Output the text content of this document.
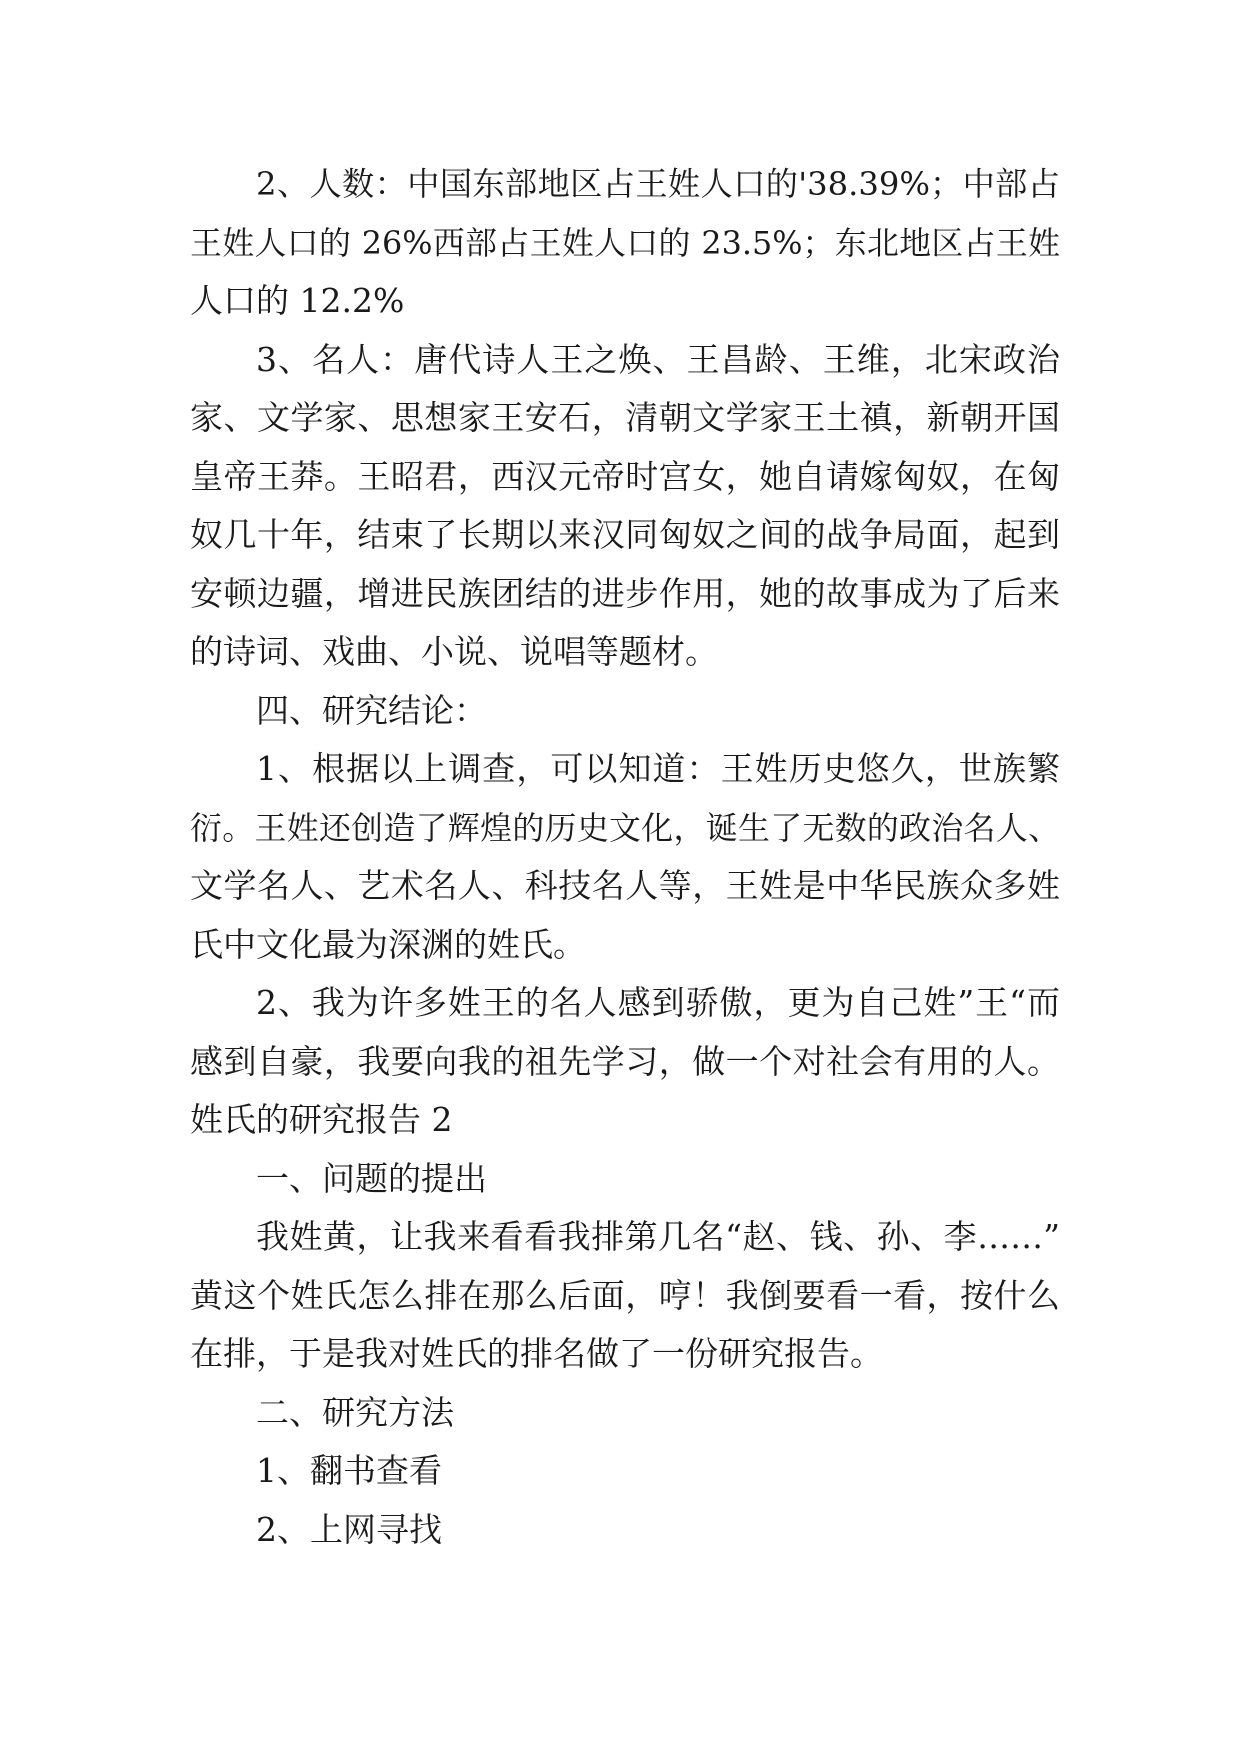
2、人数：中国东部地区占王姓人口的'38.39%；中部占
王姓人口的 26%西部占王姓人口的 23.5%；东北地区占王姓
人口的 12.2%
3、名人：唐代诗人王之焕、王昌龄、王维，北宋政治
家、文学家、思想家王安石，清朝文学家王土禛，新朝开国
皇帝王莽。王昭君，西汉元帝时宫女，她自请嫁匈奴，在匈
奴几十年，结束了长期以来汉同匈奴之间的战争局面，起到
安顿边疆，增进民族团结的进步作用，她的故事成为了后来
的诗词、戏曲、小说、说唱等题材。
四、研究结论：
1、根据以上调查，可以知道：王姓历史悠久，世族繁
衍。王姓还创造了辉煌的历史文化，诞生了无数的政治名人、
文学名人、艺术名人、科技名人等，王姓是中华民族众多姓
氏中文化最为深渊的姓氏。
2、我为许多姓王的名人感到骄傲，更为自己姓”王“而
感到自豪，我要向我的祖先学习，做一个对社会有用的人。
姓氏的研究报告 2
一、问题的提出
我姓黄，让我来看看我排第几名“赵、钱、孙、李……”
黄这个姓氏怎么排在那么后面，哼！我倒要看一看，按什么
在排，于是我对姓氏的排名做了一份研究报告。
二、研究方法
1、翻书查看
2、上网寻找
